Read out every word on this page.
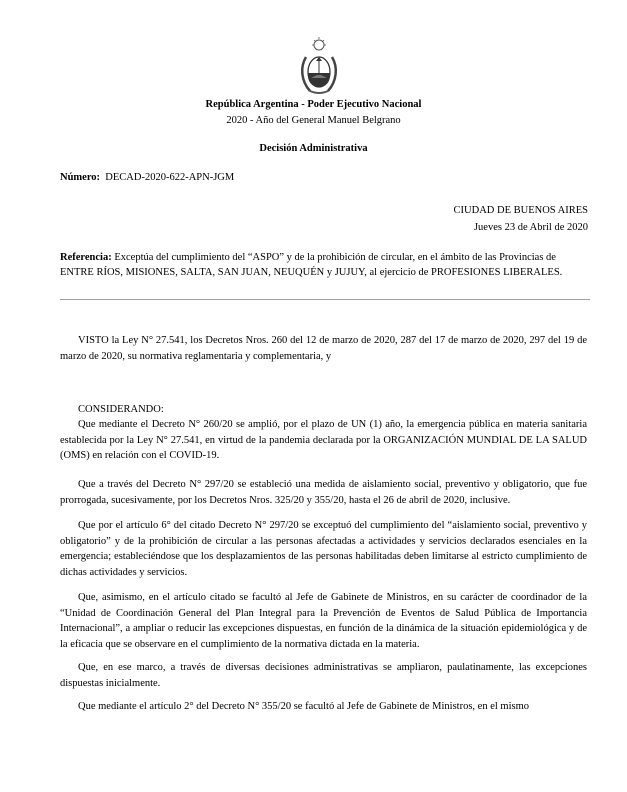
República Argentina - Poder Ejecutivo Nacional
2020 - Año del General Manuel Belgrano
Decisión Administrativa
Número: DECAD-2020-622-APN-JGM
CIUDAD DE BUENOS AIRES
Jueves 23 de Abril de 2020
Referencia: Exceptúa del cumplimiento del “ASPO” y de la prohibición de circular, en el ámbito de las Provincias de ENTRE RÍOS, MISIONES, SALTA, SAN JUAN, NEUQUÉN y JUJUY, al ejercicio de PROFESIONES LIBERALES.
VISTO la Ley N° 27.541, los Decretos Nros. 260 del 12 de marzo de 2020, 287 del 17 de marzo de 2020, 297 del 19 de marzo de 2020, su normativa reglamentaria y complementaria, y
CONSIDERANDO:
Que mediante el Decreto N° 260/20 se amplió, por el plazo de UN (1) año, la emergencia pública en materia sanitaria establecida por la Ley N° 27.541, en virtud de la pandemia declarada por la ORGANIZACIÓN MUNDIAL DE LA SALUD (OMS) en relación con el COVID-19.
Que a través del Decreto N° 297/20 se estableció una medida de aislamiento social, preventivo y obligatorio, que fue prorrogada, sucesivamente, por los Decretos Nros. 325/20 y 355/20, hasta el 26 de abril de 2020, inclusive.
Que por el artículo 6° del citado Decreto N° 297/20 se exceptuó del cumplimiento del “aislamiento social, preventivo y obligatorio” y de la prohibición de circular a las personas afectadas a actividades y servicios declarados esenciales en la emergencia; estableciéndose que los desplazamientos de las personas habilitadas deben limitarse al estricto cumplimiento de dichas actividades y servicios.
Que, asimismo, en el artículo citado se facultó al Jefe de Gabinete de Ministros, en su carácter de coordinador de la “Unidad de Coordinación General del Plan Integral para la Prevención de Eventos de Salud Pública de Importancia Internacional”, a ampliar o reducir las excepciones dispuestas, en función de la dinámica de la situación epidemiológica y de la eficacia que se observare en el cumplimiento de la normativa dictada en la materia.
Que, en ese marco, a través de diversas decisiones administrativas se ampliaron, paulatinamente, las excepciones dispuestas inicialmente.
Que mediante el artículo 2° del Decreto N° 355/20 se facultó al Jefe de Gabinete de Ministros, en el mismo
